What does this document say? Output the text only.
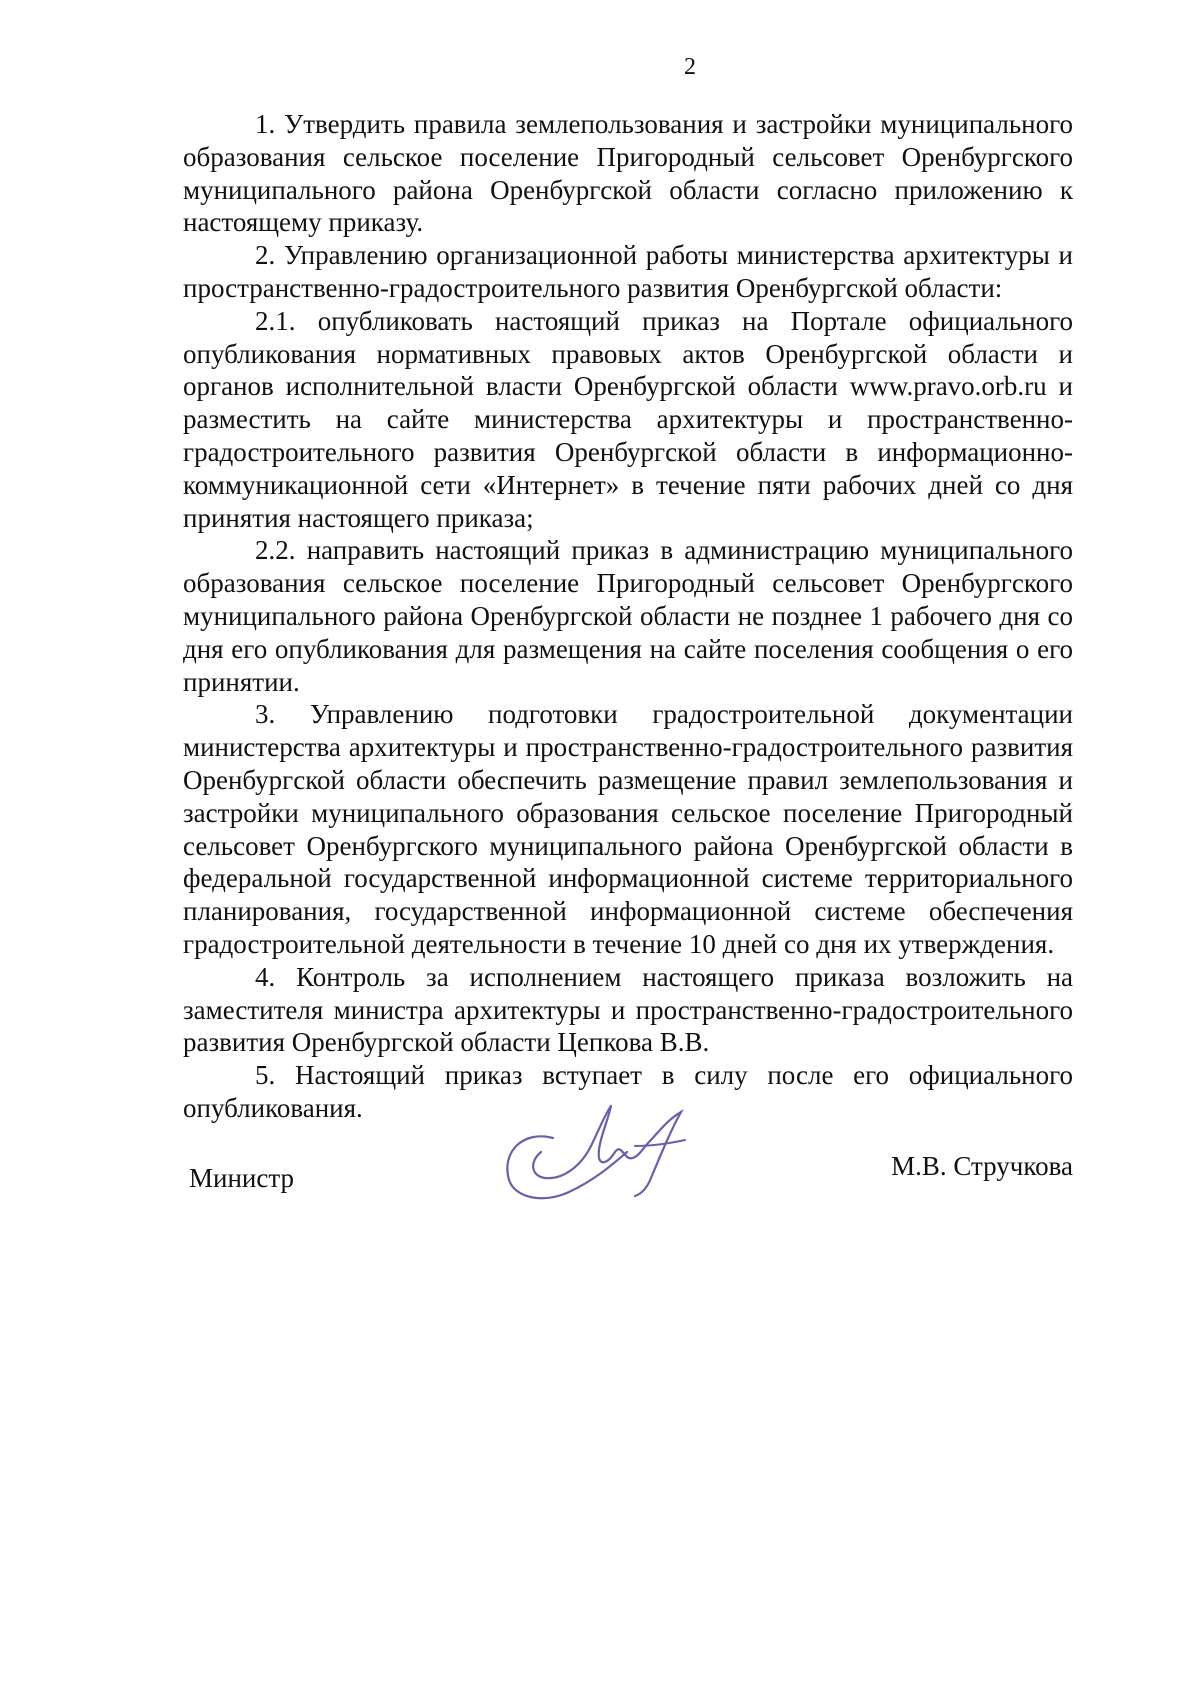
2

1. Утвердить правила землепользования и застройки муниципального образования сельское поселение Пригородный сельсовет Оренбургского муниципального района Оренбургской области согласно приложению к настоящему приказу.

2. Управлению организационной работы министерства архитектуры и пространственно-градостроительного развития Оренбургской области:

2.1. опубликовать настоящий приказ на Портале официального опубликования нормативных правовых актов Оренбургской области и органов исполнительной власти Оренбургской области www.pravo.orb.ru и разместить на сайте министерства архитектуры и пространственно-градостроительного развития Оренбургской области в информационно-коммуникационной сети «Интернет» в течение пяти рабочих дней со дня принятия настоящего приказа;

2.2. направить настоящий приказ в администрацию муниципального образования сельское поселение Пригородный сельсовет Оренбургского муниципального района Оренбургской области не позднее 1 рабочего дня со дня его опубликования для размещения на сайте поселения сообщения о его принятии.

3. Управлению подготовки градостроительной документации министерства архитектуры и пространственно-градостроительного развития Оренбургской области обеспечить размещение правил землепользования и застройки муниципального образования сельское поселение Пригородный сельсовет Оренбургского муниципального района Оренбургской области в федеральной государственной информационной системе территориального планирования, государственной информационной системе обеспечения градостроительной деятельности в течение 10 дней со дня их утверждения.

4. Контроль за исполнением настоящего приказа возложить на заместителя министра архитектуры и пространственно-градостроительного развития Оренбургской области Цепкова В.В.

5. Настоящий приказ вступает в силу после его официального опубликования.

Министр	М.В. Стручкова
